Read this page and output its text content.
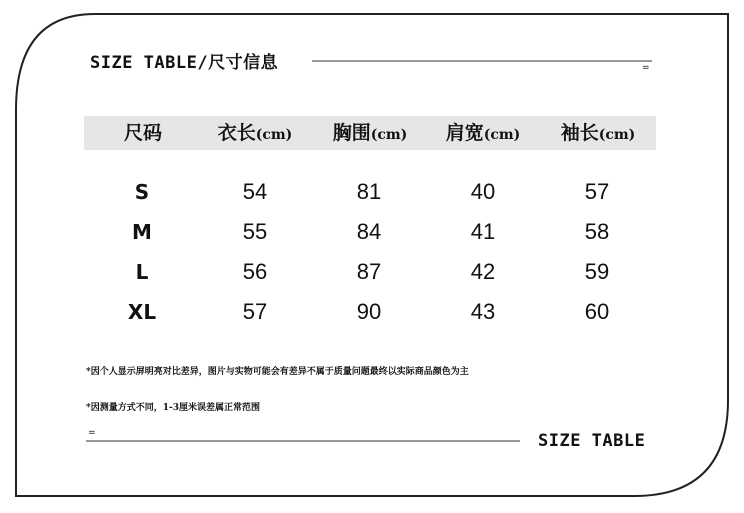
SIZE TABLE/尺寸信息	=
=
尺码	衣长(cm)	胸围(cm)	肩宽(cm)	袖长(cm)
S	54	81	40	57
M	55	84	41	58
L	56	87	42	59
XL	57	90	43	60
*因个人显示屏明亮对比差异，图片与实物可能会有差异不属于质量问题最终以实际商品颜色为主
*因测量方式不同，1-3厘米误差属正常范围
SIZE TABLE
